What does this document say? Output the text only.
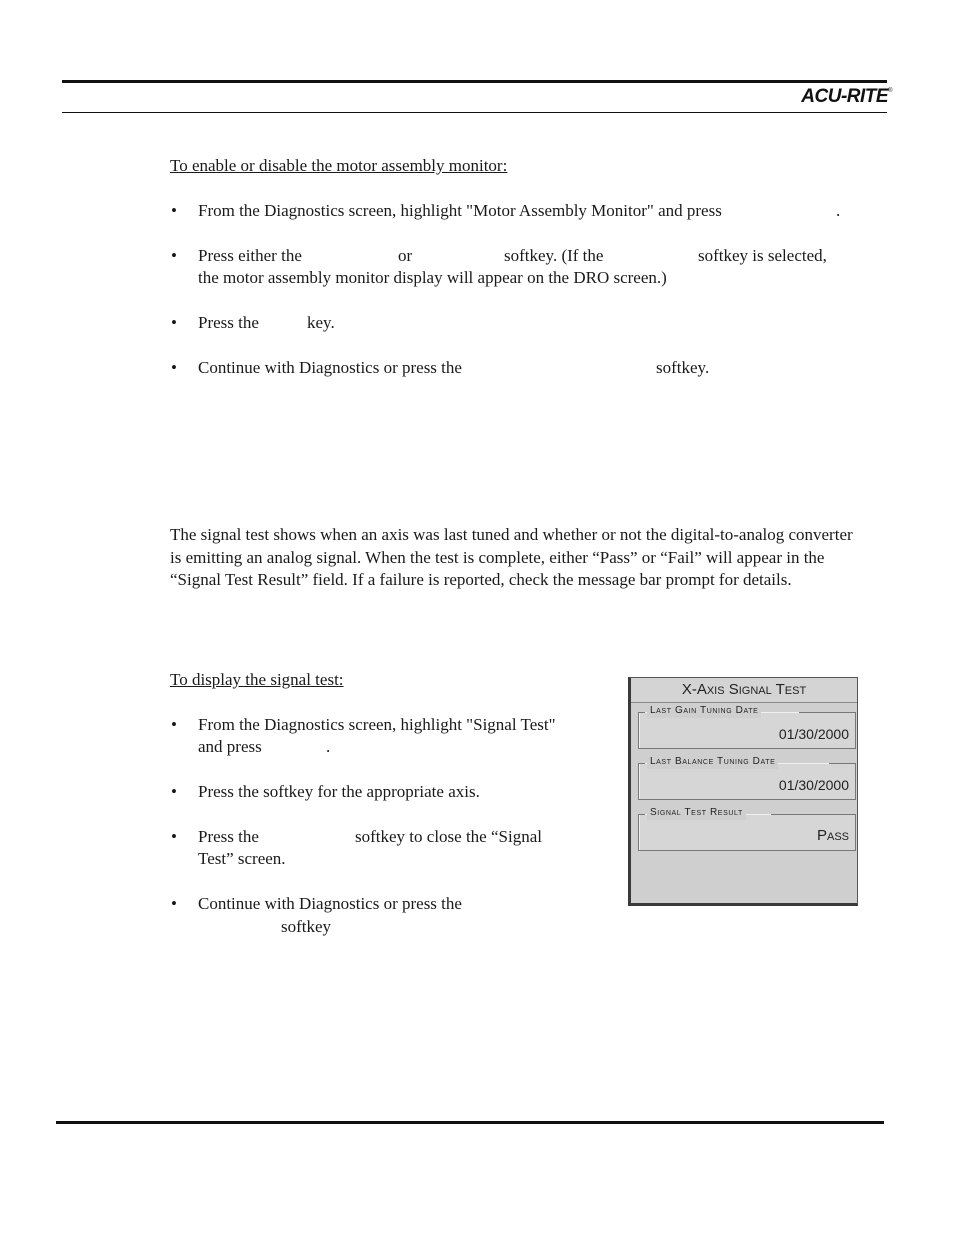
ACU-RITE®
To enable or disable the motor assembly monitor:
• From the Diagnostics screen, highlight "Motor Assembly Monitor" and press	.
• Press either the	or	softkey. (If the	softkey is selected,
the motor assembly monitor display will appear on the DRO screen.)
• Press the	key.
• Continue with Diagnostics or press the	softkey.
The signal test shows when an axis was last tuned and whether or not the digital-to-analog converter is emitting an analog signal. When the test is complete, either “Pass” or “Fail” will appear in the “Signal Test Result” field. If a failure is reported, check the message bar prompt for details.
To display the signal test:
• From the Diagnostics screen, highlight "Signal Test"
and press	.
• Press the softkey for the appropriate axis.
• Press the	softkey to close the “Signal
Test” screen.
• Continue with Diagnostics or press the
softkey
X-Axis Signal Test
Last Gain Tuning Date
01/30/2000
Last Balance Tuning Date
01/30/2000
Signal Test Result
Pass
